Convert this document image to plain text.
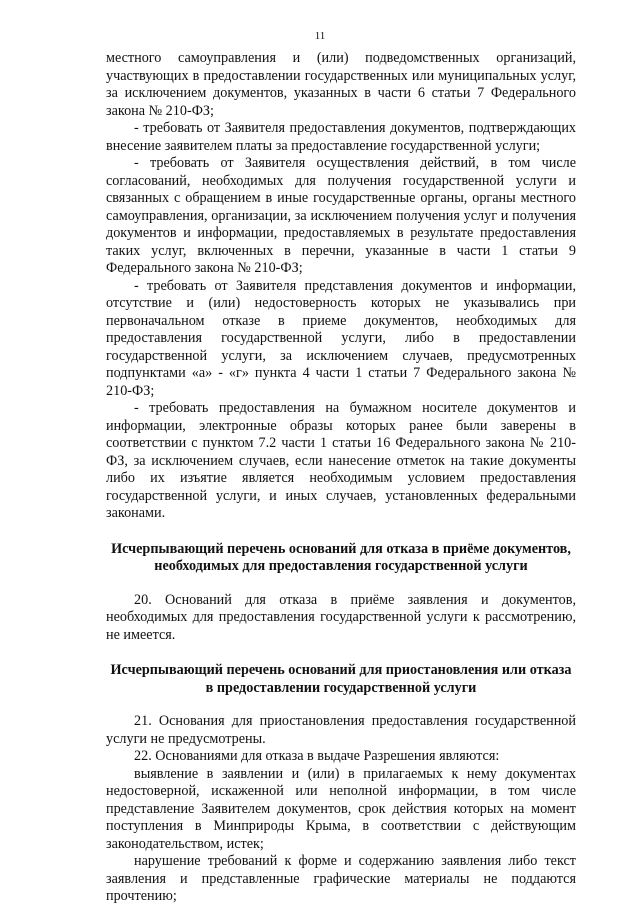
11

местного самоуправления и (или) подведомственных организаций, участвующих в предоставлении государственных или муниципальных услуг, за исключением документов, указанных в части 6 статьи 7 Федерального закона № 210-ФЗ;

- требовать от Заявителя предоставления документов, подтверждающих внесение заявителем платы за предоставление государственной услуги;

- требовать от Заявителя осуществления действий, в том числе согласований, необходимых для получения государственной услуги и связанных с обращением в иные государственные органы, органы местного самоуправления, организации, за исключением получения услуг и получения документов и информации, предоставляемых в результате предоставления таких услуг, включенных в перечни, указанные в части 1 статьи 9 Федерального закона № 210-ФЗ;

- требовать от Заявителя представления документов и информации, отсутствие и (или) недостоверность которых не указывались при первоначальном отказе в приеме документов, необходимых для предоставления государственной услуги, либо в предоставлении государственной услуги, за исключением случаев, предусмотренных подпунктами «а» - «г» пункта 4 части 1 статьи 7 Федерального закона № 210-ФЗ;

- требовать предоставления на бумажном носителе документов и информации, электронные образы которых ранее были заверены в соответствии с пунктом 7.2 части 1 статьи 16 Федерального закона № 210-ФЗ, за исключением случаев, если нанесение отметок на такие документы либо их изъятие является необходимым условием предоставления государственной услуги, и иных случаев, установленных федеральными законами.

Исчерпывающий перечень оснований для отказа в приёме документов, необходимых для предоставления государственной услуги

20. Оснований для отказа в приёме заявления и документов, необходимых для предоставления государственной услуги к рассмотрению, не имеется.

Исчерпывающий перечень оснований для приостановления или отказа в предоставлении государственной услуги

21. Основания для приостановления предоставления государственной услуги не предусмотрены.

22. Основаниями для отказа в выдаче Разрешения являются:

выявление в заявлении и (или) в прилагаемых к нему документах недостоверной, искаженной или неполной информации, в том числе представление Заявителем документов, срок действия которых на момент поступления в Минприроды Крыма, в соответствии с действующим законодательством, истек;

нарушение требований к форме и содержанию заявления либо текст заявления и представленные графические материалы не поддаются прочтению;
